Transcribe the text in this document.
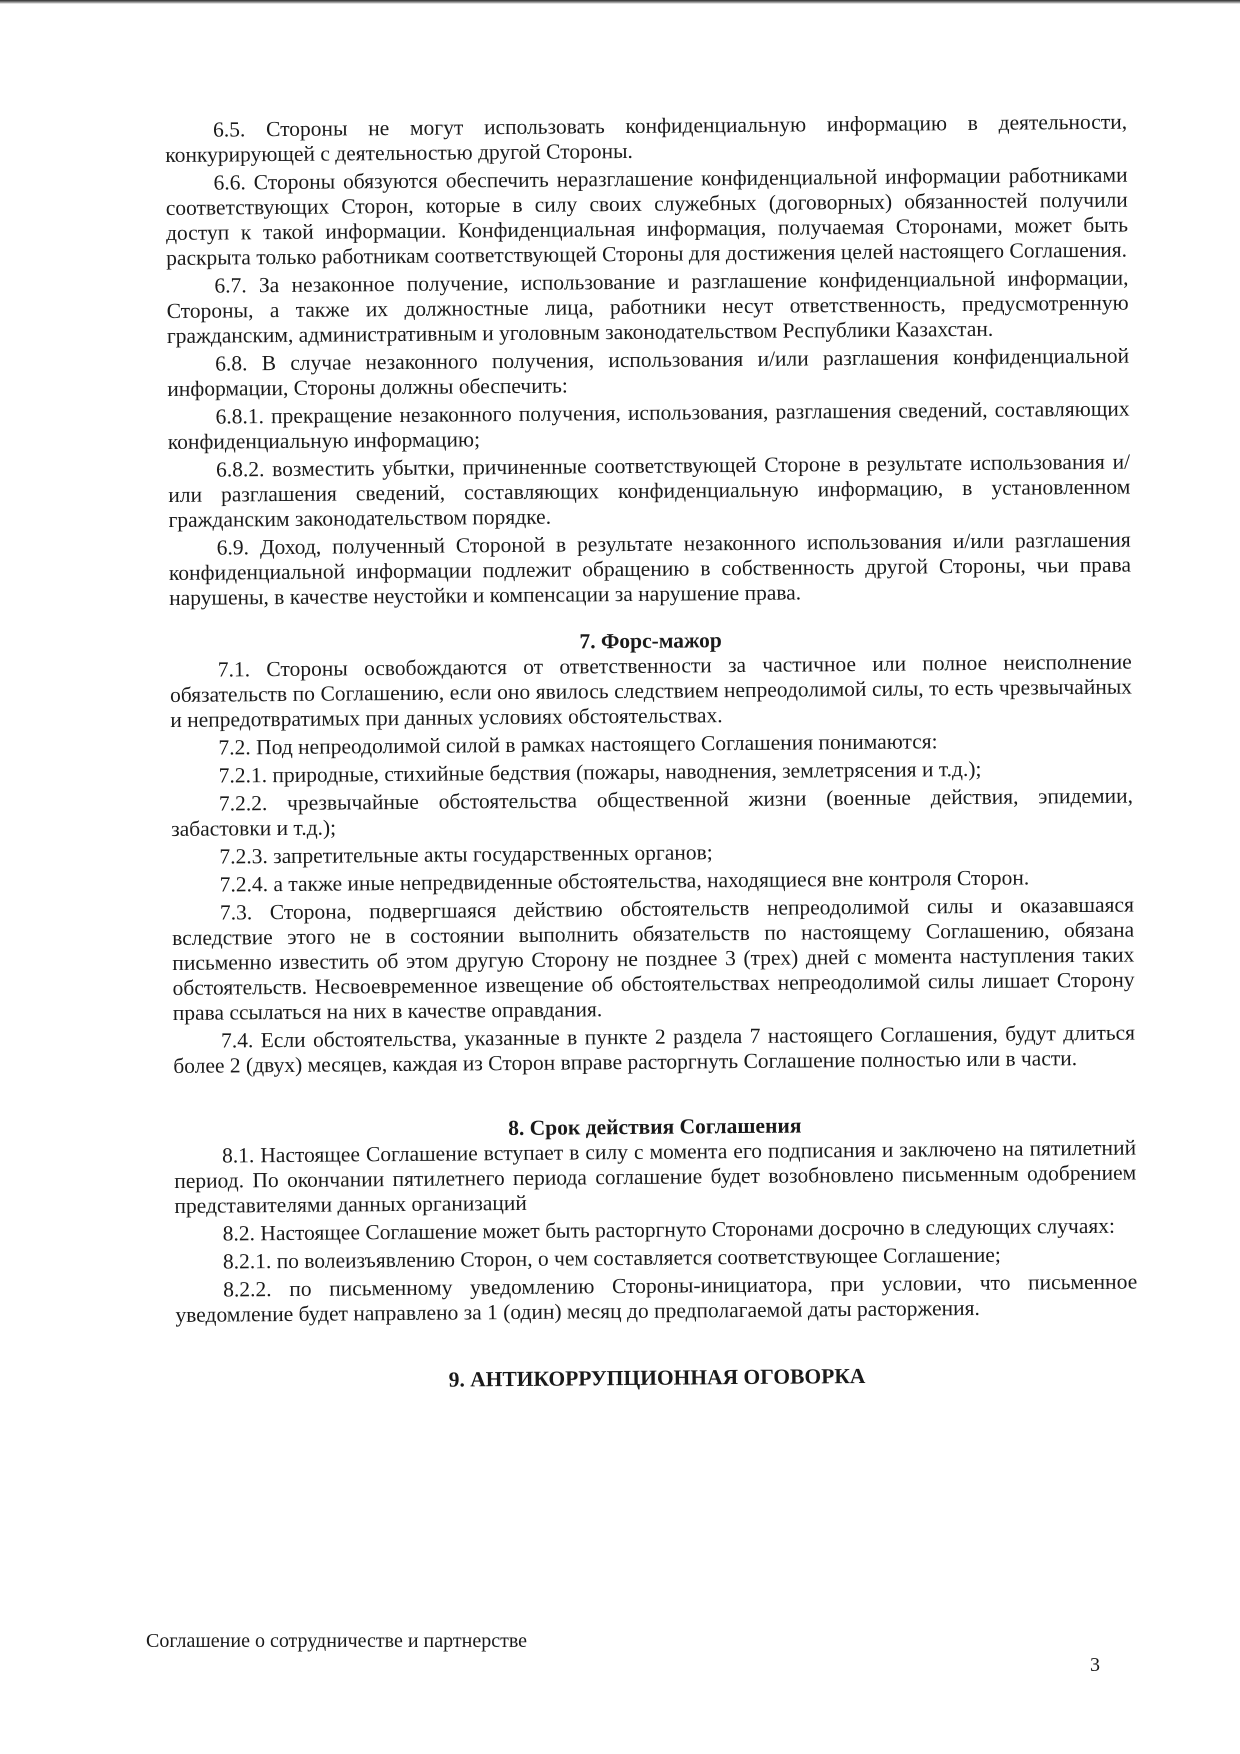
6.5. Стороны не могут использовать конфиденциальную информацию в деятельности, конкурирующей с деятельностью другой Стороны.

6.6. Стороны обязуются обеспечить неразглашение конфиденциальной информации работниками соответствующих Сторон, которые в силу своих служебных (договорных) обязанностей получили доступ к такой информации. Конфиденциальная информация, получаемая Сторонами, может быть раскрыта только работникам соответствующей Стороны для достижения целей настоящего Соглашения.

6.7. За незаконное получение, использование и разглашение конфиденциальной информации, Стороны, а также их должностные лица, работники несут ответственность, предусмотренную гражданским, административным и уголовным законодательством Республики Казахстан.

6.8. В случае незаконного получения, использования и/или разглашения конфиденциальной информации, Стороны должны обеспечить:

6.8.1. прекращение незаконного получения, использования, разглашения сведений, составляющих конфиденциальную информацию;

6.8.2. возместить убытки, причиненные соответствующей Стороне в результате использования и/или разглашения сведений, составляющих конфиденциальную информацию, в установленном гражданским законодательством порядке.

6.9. Доход, полученный Стороной в результате незаконного использования и/или разглашения конфиденциальной информации подлежит обращению в собственность другой Стороны, чьи права нарушены, в качестве неустойки и компенсации за нарушение права.

7. Форс-мажор

7.1. Стороны освобождаются от ответственности за частичное или полное неисполнение обязательств по Соглашению, если оно явилось следствием непреодолимой силы, то есть чрезвычайных и непредотвратимых при данных условиях обстоятельствах.

7.2. Под непреодолимой силой в рамках настоящего Соглашения понимаются:

7.2.1. природные, стихийные бедствия (пожары, наводнения, землетрясения и т.д.);

7.2.2. чрезвычайные обстоятельства общественной жизни (военные действия, эпидемии, забастовки и т.д.);

7.2.3. запретительные акты государственных органов;

7.2.4. а также иные непредвиденные обстоятельства, находящиеся вне контроля Сторон.

7.3. Сторона, подвергшаяся действию обстоятельств непреодолимой силы и оказавшаяся вследствие этого не в состоянии выполнить обязательств по настоящему Соглашению, обязана письменно известить об этом другую Сторону не позднее 3 (трех) дней с момента наступления таких обстоятельств. Несвоевременное извещение об обстоятельствах непреодолимой силы лишает Сторону права ссылаться на них в качестве оправдания.

7.4. Если обстоятельства, указанные в пункте 2 раздела 7 настоящего Соглашения, будут длиться более 2 (двух) месяцев, каждая из Сторон вправе расторгнуть Соглашение полностью или в части.

8. Срок действия Соглашения

8.1. Настоящее Соглашение вступает в силу с момента его подписания и заключено на пятилетний период. По окончании пятилетнего периода соглашение будет возобновлено письменным одобрением представителями данных организаций

8.2. Настоящее Соглашение может быть расторгнуто Сторонами досрочно в следующих случаях:

8.2.1. по волеизъявлению Сторон, о чем составляется соответствующее Соглашение;

8.2.2. по письменному уведомлению Стороны-инициатора, при условии, что письменное уведомление будет направлено за 1 (один) месяц до предполагаемой даты расторжения.

9. АНТИКОРРУПЦИОННАЯ ОГОВОРКА

Соглашение о сотрудничестве и партнерстве
3
